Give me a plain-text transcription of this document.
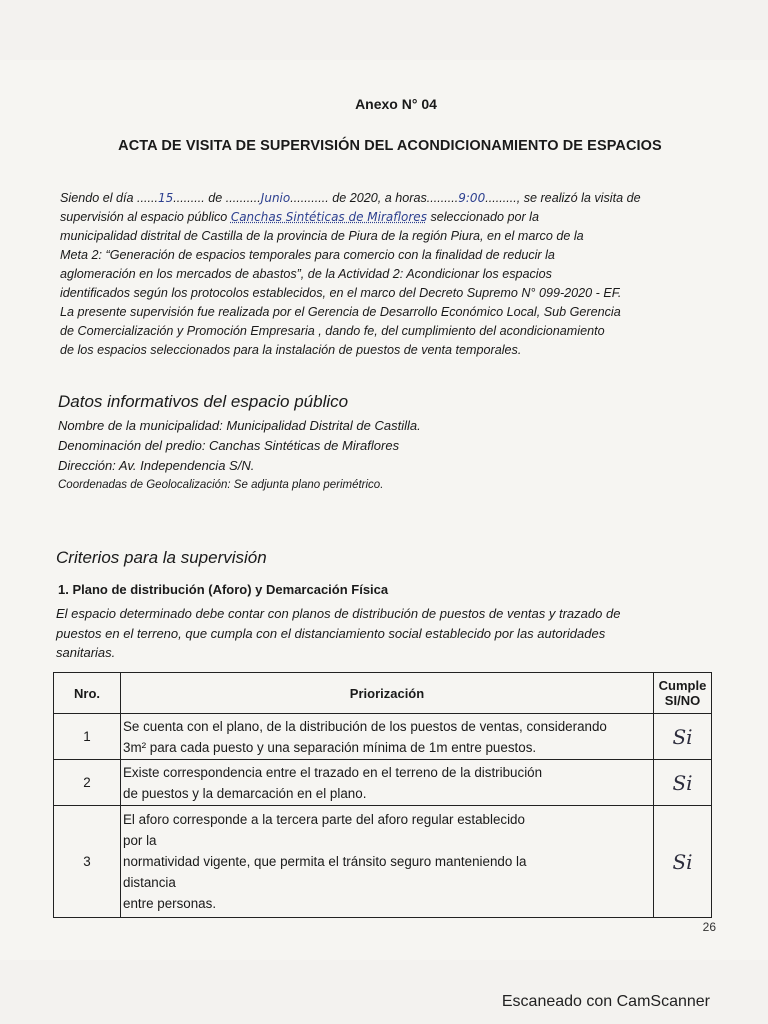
Anexo N° 04
ACTA DE VISITA DE SUPERVISIÓN DEL ACONDICIONAMIENTO DE ESPACIOS
Siendo el día ......15......... de ..........Junio........... de 2020, a horas.........9:00........., se realizó la visita de
supervisión al espacio público Canchas Sintéticas de Miraflores seleccionado por la
municipalidad distrital de Castilla de la provincia de Piura de la región Piura, en el marco de la
Meta 2: “Generación de espacios temporales para comercio con la finalidad de reducir la
aglomeración en los mercados de abastos”, de la Actividad 2: Acondicionar los espacios
identificados según los protocolos establecidos, en el marco del Decreto Supremo N° 099-2020 - EF.
La presente supervisión fue realizada por el Gerencia de Desarrollo Económico Local, Sub Gerencia
de Comercialización y Promoción Empresaria , dando fe, del cumplimiento del acondicionamiento
de los espacios seleccionados para la instalación de puestos de venta temporales.
Datos informativos del espacio público
Nombre de la municipalidad: Municipalidad Distrital de Castilla.
Denominación del predio: Canchas Sintéticas de Miraflores
Dirección: Av. Independencia S/N.
Coordenadas de Geolocalización: Se adjunta plano perimétrico.
Criterios para la supervisión
1. Plano de distribución (Aforo) y Demarcación Física
El espacio determinado debe contar con planos de distribución de puestos de ventas y trazado de
puestos en el terreno, que cumpla con el distanciamiento social establecido por las autoridades
sanitarias.
Nro.	Priorización	Cumple
SI/NO
1	Se cuenta con el plano, de la distribución de los puestos de ventas, considerando
3m² para cada puesto y una separación mínima de 1m entre puestos.	Si
2	Existe correspondencia entre el trazado en el terreno de la distribución
de puestos y la demarcación en el plano.	Si
3	El aforo corresponde a la tercera parte del aforo regular establecido
por la
normatividad vigente, que permita el tránsito seguro manteniendo la
distancia
entre personas.	Si
26
Escaneado con CamScanner
